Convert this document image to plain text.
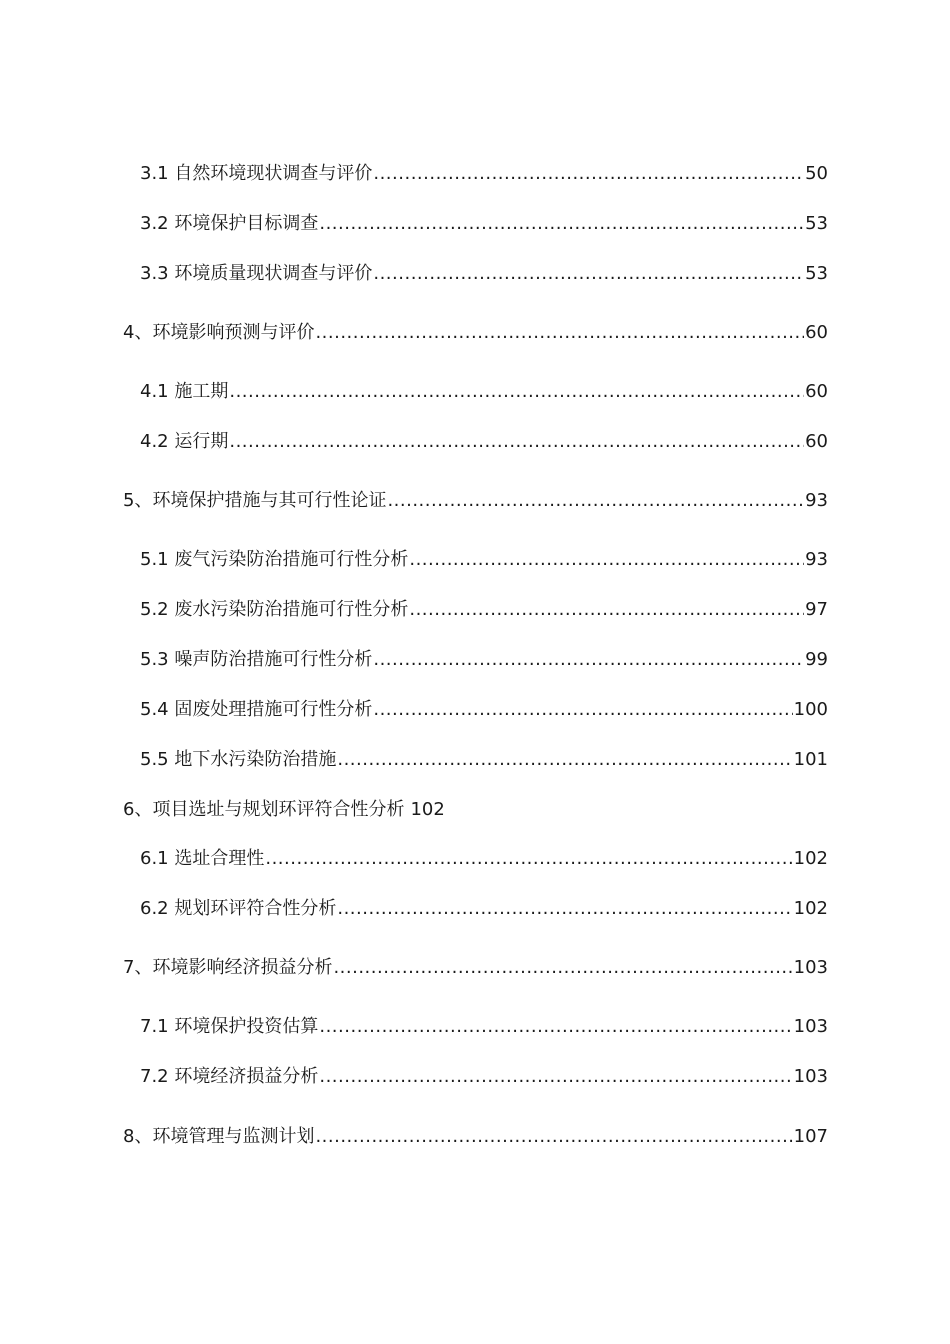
3.1 自然环境现状调查与评价 .....	50
3.2 环境保护目标调查 .....	53
3.3 环境质量现状调查与评价 .....	53
4、环境影响预测与评价 .....	60
4.1 施工期 .....	60
4.2 运行期 .....	60
5、环境保护措施与其可行性论证 .....	93
5.1 废气污染防治措施可行性分析 .....	93
5.2 废水污染防治措施可行性分析 .....	97
5.3 噪声防治措施可行性分析 .....	99
5.4 固废处理措施可行性分析 .....	100
5.5 地下水污染防治措施 .....	101
6、项目选址与规划环评符合性分析 102
6.1 选址合理性 .....	102
6.2 规划环评符合性分析 .....	102
7、环境影响经济损益分析 .....	103
7.1 环境保护投资估算 .....	103
7.2 环境经济损益分析 .....	103
8、环境管理与监测计划 .....	107
